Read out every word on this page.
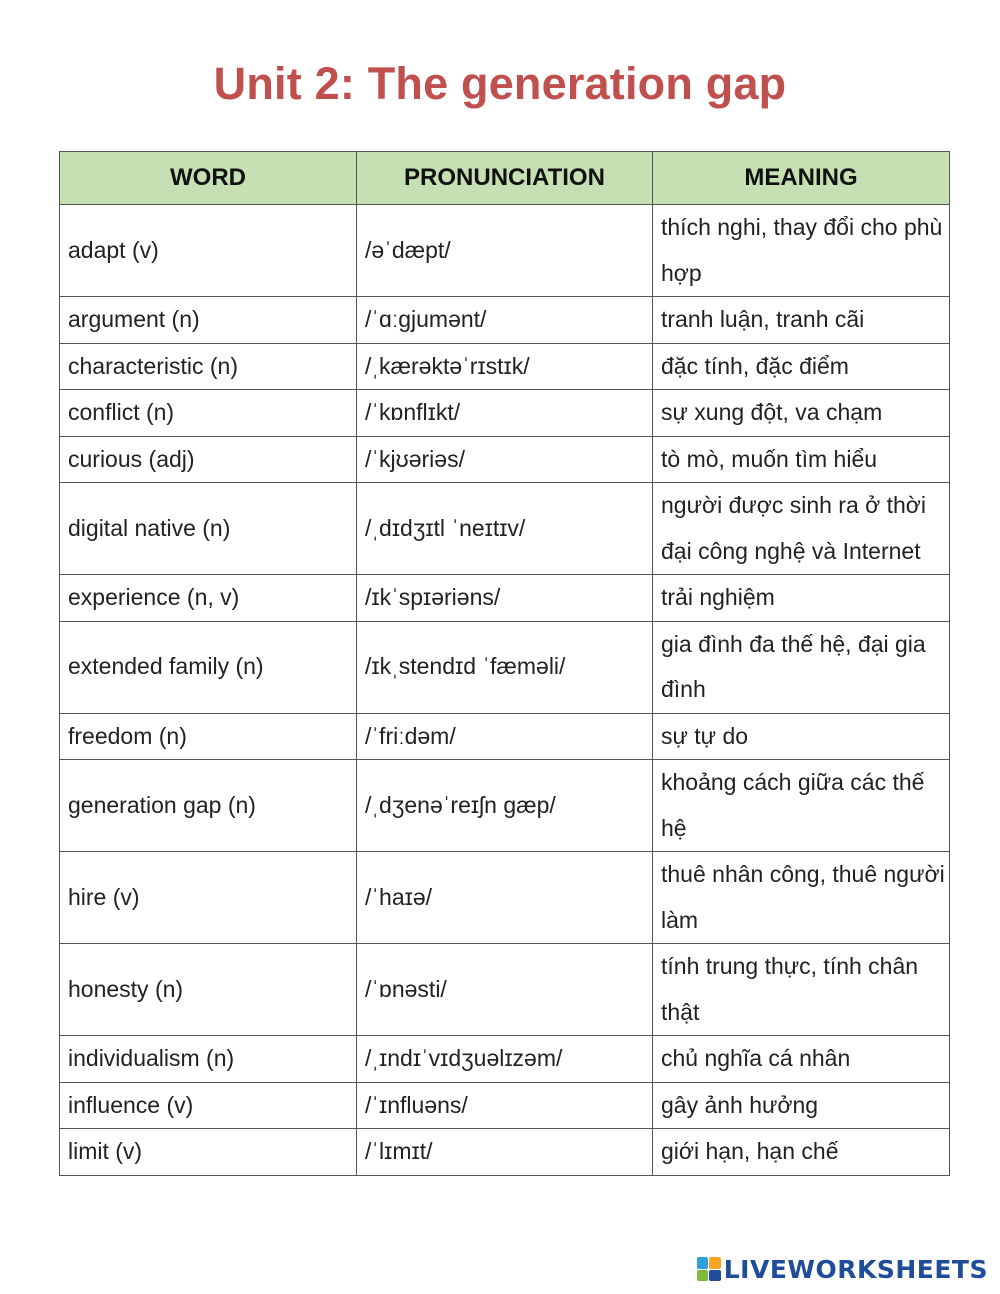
Unit 2: The generation gap
WORD	PRONUNCIATION	MEANING
adapt (v)	/əˈdæpt/	thích nghi, thay đổi cho phù hợp
argument (n)	/ˈɑːgjumənt/	tranh luận, tranh cãi
characteristic (n)	/ˌkærəktəˈrɪstɪk/	đặc tính, đặc điểm
conflict (n)	/ˈkɒnflɪkt/	sự xung đột, va chạm
curious (adj)	/ˈkjʊəriəs/	tò mò, muốn tìm hiểu
digital native (n)	/ˌdɪdʒɪtl ˈneɪtɪv/	người được sinh ra ở thời đại công nghệ và Internet
experience (n, v)	/ɪkˈspɪəriəns/	trải nghiệm
extended family (n)	/ɪkˌstendɪd ˈfæməli/	gia đình đa thế hệ, đại gia đình
freedom (n)	/ˈfriːdəm/	sự tự do
generation gap (n)	/ˌdʒenəˈreɪʃn gæp/	khoảng cách giữa các thế hệ
hire (v)	/ˈhaɪə/	thuê nhân công, thuê người làm
honesty (n)	/ˈɒnəsti/	tính trung thực, tính chân thật
individualism (n)	/ˌɪndɪˈvɪdʒuəlɪzəm/	chủ nghĩa cá nhân
influence (v)	/ˈɪnfluəns/	gây ảnh hưởng
limit (v)	/ˈlɪmɪt/	giới hạn, hạn chế
LIVEWORKSHEETS
